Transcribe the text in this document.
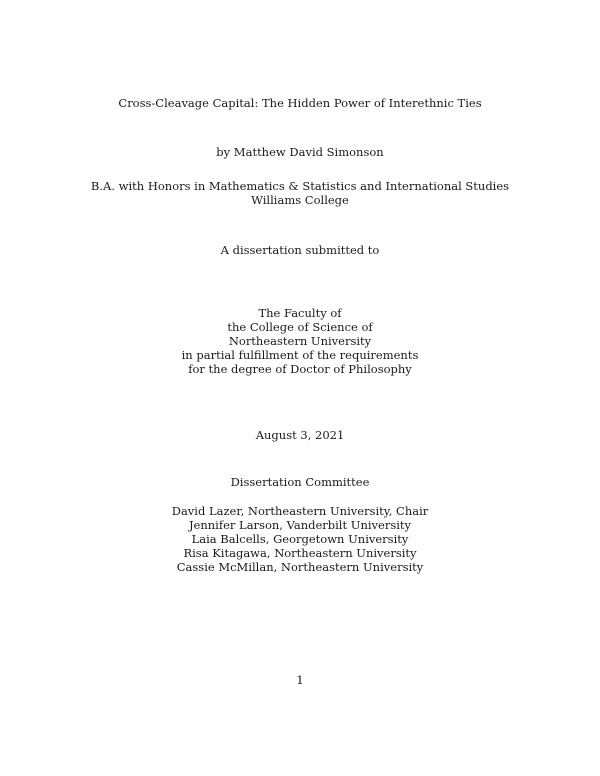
Cross-Cleavage Capital: The Hidden Power of Interethnic Ties
by Matthew David Simonson
B.A. with Honors in Mathematics & Statistics and International Studies
Williams College
A dissertation submitted to
The Faculty of
the College of Science of
Northeastern University
in partial fulfillment of the requirements
for the degree of Doctor of Philosophy
August 3, 2021
Dissertation Committee
David Lazer, Northeastern University, Chair
Jennifer Larson, Vanderbilt University
Laia Balcells, Georgetown University
Risa Kitagawa, Northeastern University
Cassie McMillan, Northeastern University
1
